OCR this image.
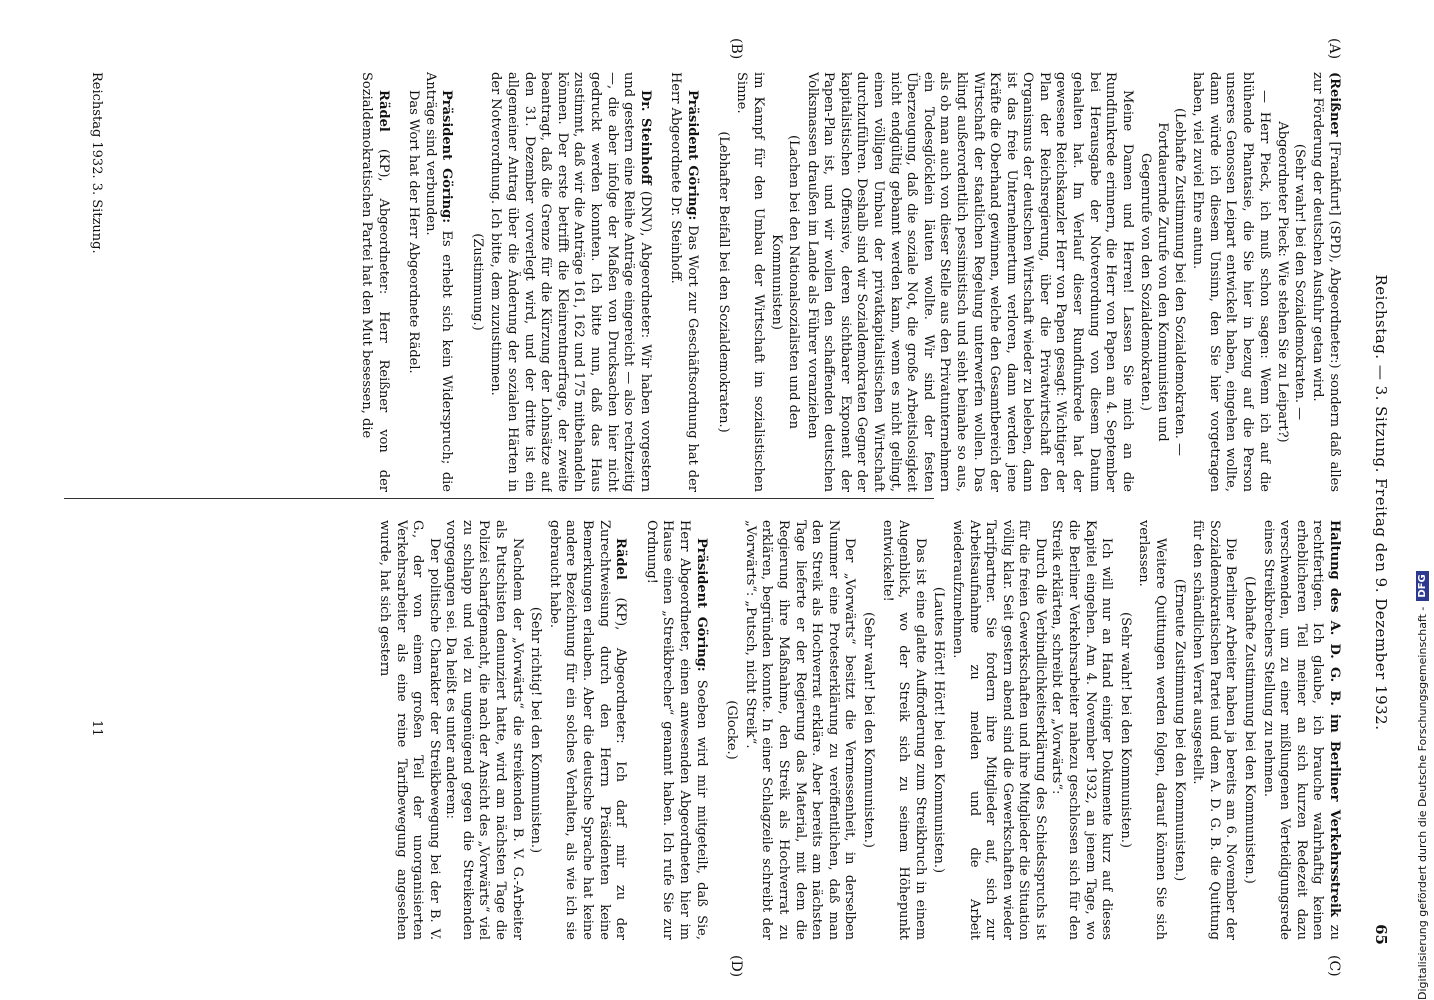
Reichstag. — 3. Sitzung. Freitag den 9. Dezember 1932.
65
(A)
(B)
(C)
(D)

(Reißner [Frankfurt] (SPD), Abgeordneter:) sondern daß alles zur Förderung der deutschen Ausfuhr getan wird.

(Sehr wahr! bei den Sozialdemokraten. — Abgeordneter Pieck: Wie stehen Sie zu Leipart?)

— Herr Pieck, ich muß schon sagen: Wenn ich auf die blühende Phantasie, die Sie hier in bezug auf die Person unseres Genossen Leipart entwickelt haben, eingehen wollte, dann würde ich diesem Unsinn, den Sie hier vorgetragen haben, viel zuviel Ehre antun.

(Lebhafte Zustimmung bei den Sozialdemokraten. — Fortdauernde Zurufe von den Kommunisten und Gegenrufe von den Sozialdemokraten.)

Meine Damen und Herren! Lassen Sie mich an die Rundfunkrede erinnern, die Herr von Papen am 4. September bei Herausgabe der Notverordnung von diesem Datum gehalten hat. Im Verlauf dieser Rundfunkrede hat der gewesene Reichskanzler Herr von Papen gesagt: Wichtiger der Plan der Reichsregierung, über die Privatwirtschaft den Organismus der deutschen Wirtschaft wieder zu beleben, dann ist das freie Unternehmertum verloren, dann werden jene Kräfte die Oberhand gewinnen, welche den Gesamtbereich der Wirtschaft der staatlichen Regelung unterwerfen wollen. Das klingt außerordentlich pessimistisch und sieht beinahe so aus, als ob man auch von dieser Stelle aus den Privatunternehmern ein Todesglöcklein läuten wollte. Wir sind der festen Überzeugung, daß die soziale Not, die große Arbeitslosigkeit nicht endgültig gebannt werden kann, wenn es nicht gelingt, einen völligen Umbau der privatkapitalistischen Wirtschaft durchzuführen. Deshalb sind wir Sozialdemokraten Gegner der kapitalistischen Offensive, deren sichtbarer Exponent der Papen-Plan ist, und wir wollen den schaffenden deutschen Volksmassen draußen im Lande als Führer voranziehen

(Lachen bei den Nationalsozialisten und den Kommunisten)

im Kampf für den Umbau der Wirtschaft im sozialistischen Sinne.

(Lebhafter Beifall bei den Sozialdemokraten.)

Präsident Göring: Das Wort zur Geschäftsordnung hat der Herr Abgeordnete Dr. Steinhoff.

Dr. Steinhoff (DNV), Abgeordneter: Wir haben vorgestern und gestern eine Reihe Anträge eingereicht — also rechtzeitig —, die aber infolge der Maßen von Drucksachen hier nicht gedruckt werden konnten. Ich bitte nun, daß das Haus zustimmt, daß wir die Anträge 161, 162 und 175 mitbehandeln können. Der erste betrifft die Kleinrentnerfrage, der zweite beantragt, daß die Grenze für die Kürzung der Lohnsätze auf den 31. Dezember vorverlegt wird, und der dritte ist ein allgemeiner Antrag über die Änderung der sozialen Härten in der Notverordnung. Ich bitte, dem zuzustimmen.

(Zustimmung.)

Präsident Göring: Es erhebt sich kein Widerspruch; die Anträge sind verbunden.

Das Wort hat der Herr Abgeordnete Rädel.

Rädel (KP), Abgeordneter: Herr Reißner von der Sozialdemokratischen Partei hat den Mut besessen, die

Haltung des A. D. G. B. im Berliner Verkehrsstreik zu rechtfertigen. Ich glaube, ich brauche wahrhaftig keinen erheblicheren Teil meiner an sich kurzen Redezeit dazu verschwenden, um zu einer mißlungenen Verteidigungsrede eines Streikbrechers Stellung zu nehmen.

(Lebhafte Zustimmung bei den Kommunisten.)

Die Berliner Arbeiter haben ja bereits am 6. November der Sozialdemokratischen Partei und dem A. D. G. B. die Quittung für den schändlichen Verrat ausgestellt.

(Erneute Zustimmung bei den Kommunisten.)

Weitere Quittungen werden folgen, darauf können Sie sich verlassen.

(Sehr wahr! bei den Kommunisten.)

Ich will nur an Hand einiger Dokumente kurz auf dieses Kapitel eingehen. Am 4. November 1932, an jenem Tage, wo die Berliner Verkehrsarbeiter nahezu geschlossen sich für den Streik erklärten, schreibt der „Vorwärts“:

Durch die Verbindlichkeitserklärung des Schiedsspruchs ist für die freien Gewerkschaften und ihre Mitglieder die Situation völlig klar. Seit gestern abend sind die Gewerkschaften wieder Tarifpartner. Sie fordern ihre Mitglieder auf, sich zur Arbeitsaufnahme zu melden und die Arbeit wiederaufzunehmen.

(Lautes Hört! Hört! bei den Kommunisten.)

Das ist eine glatte Aufforderung zum Streikbruch in einem Augenblick, wo der Streik sich zu seinem Höhepunkt entwickelte!

(Sehr wahr! bei den Kommunisten.)

Der „Vorwärts“ besitzt die Vermessenheit, in derselben Nummer eine Protesterklärung zu veröffentlichen, daß man den Streik als Hochverrat erkläre. Aber bereits am nächsten Tage lieferte er der Regierung das Material, mit dem die Regierung ihre Maßnahme, den Streik als Hochverrat zu erklären, begründen konnte. In einer Schlagzeile schreibt der „Vorwärts“: „Putsch, nicht Streik“.

(Glocke.)

Präsident Göring: Soeben wird mir mitgeteilt, daß Sie, Herr Abgeordneter, einen anwesenden Abgeordneten hier im Hause einen „Streikbrecher“ genannt haben. Ich rufe Sie zur Ordnung!

Rädel (KP), Abgeordneter: Ich darf mir zu der Zurechtweisung durch den Herrn Präsidenten keine Bemerkungen erlauben. Aber die deutsche Sprache hat keine andere Bezeichnung für ein solches Verhalten, als wie ich sie gebraucht habe.

(Sehr richtig! bei den Kommunisten.)

Nachdem der „Vorwärts“ die streikenden B. V. G.-Arbeiter als Putschisten denunziert hatte, wird am nächsten Tage die Polizei scharfgemacht, die nach der Ansicht des „Vorwärts“ viel zu schlapp und viel zu ungenügend gegen die Streikenden vorgegangen sei. Da heißt es unter anderem:

Der politische Charakter der Streikbewegung bei der B. V. G., der von einem großen Teil der unorganisierten Verkehrsarbeiter als eine reine Tarifbewegung angesehen wurde, hat sich gestern

Reichstag 1932. 3. Sitzung.
11	Digitalisierung gefördert durch die Deutsche Forschungsgemeinschaft -
DFG
